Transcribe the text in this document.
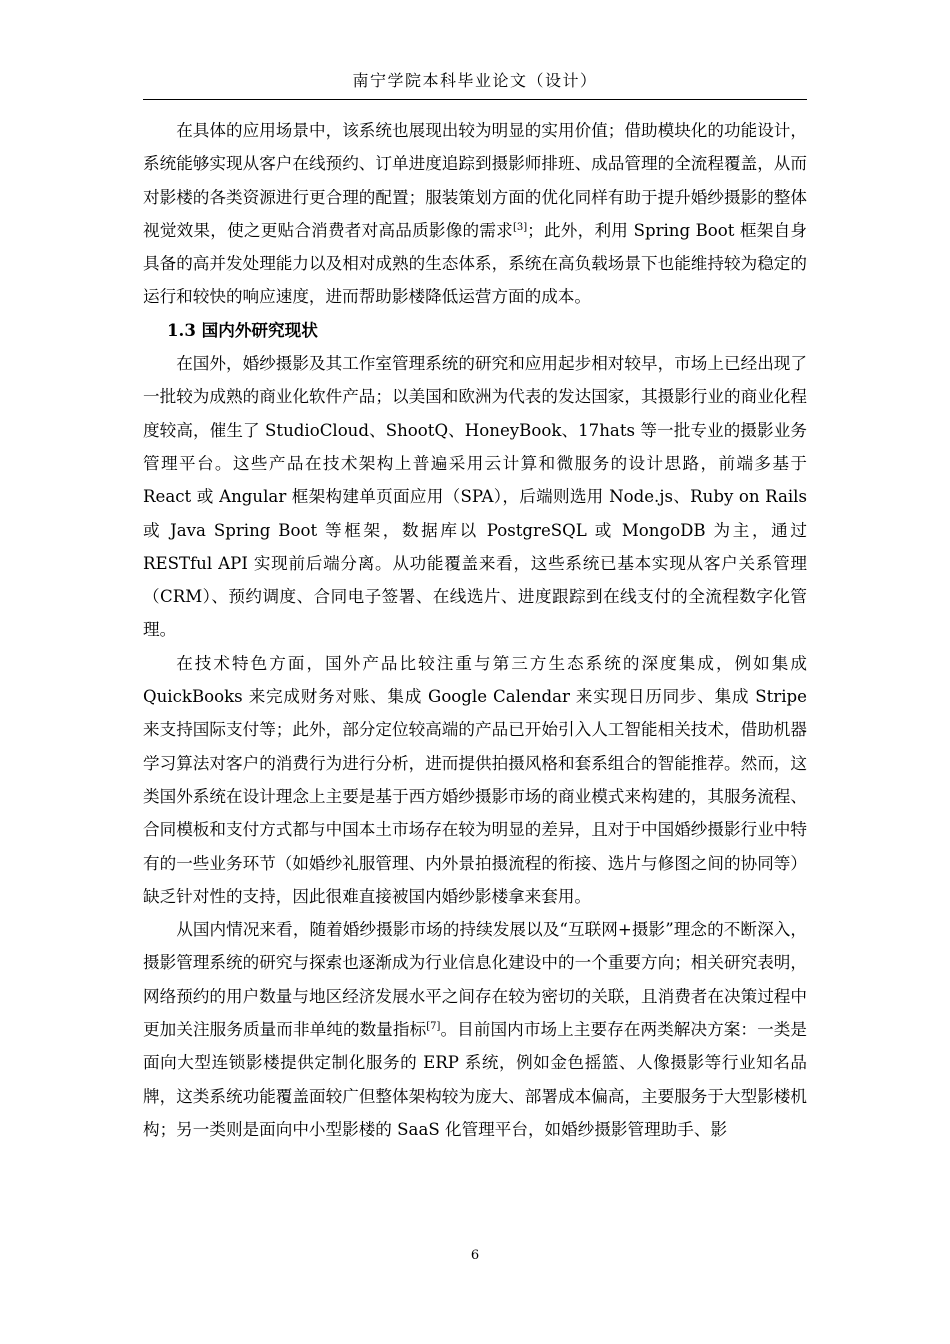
南宁学院本科毕业论文（设计）

在具体的应用场景中，该系统也展现出较为明显的实用价值；借助模块化的功能设计，系统能够实现从客户在线预约、订单进度追踪到摄影师排班、成品管理的全流程覆盖，从而对影楼的各类资源进行更合理的配置；服装策划方面的优化同样有助于提升婚纱摄影的整体视觉效果，使之更贴合消费者对高品质影像的需求[3]；此外，利用 Spring Boot 框架自身具备的高并发处理能力以及相对成熟的生态体系，系统在高负载场景下也能维持较为稳定的运行和较快的响应速度，进而帮助影楼降低运营方面的成本。

1.3 国内外研究现状

在国外，婚纱摄影及其工作室管理系统的研究和应用起步相对较早，市场上已经出现了一批较为成熟的商业化软件产品；以美国和欧洲为代表的发达国家，其摄影行业的商业化程度较高，催生了 StudioCloud、ShootQ、HoneyBook、17hats 等一批专业的摄影业务管理平台。这些产品在技术架构上普遍采用云计算和微服务的设计思路，前端多基于 React 或 Angular 框架构建单页面应用（SPA），后端则选用 Node.js、Ruby on Rails 或 Java Spring Boot 等框架，数据库以 PostgreSQL 或 MongoDB 为主，通过 RESTful API 实现前后端分离。从功能覆盖来看，这些系统已基本实现从客户关系管理（CRM）、预约调度、合同电子签署、在线选片、进度跟踪到在线支付的全流程数字化管理。

在技术特色方面，国外产品比较注重与第三方生态系统的深度集成，例如集成 QuickBooks 来完成财务对账、集成 Google Calendar 来实现日历同步、集成 Stripe 来支持国际支付等；此外，部分定位较高端的产品已开始引入人工智能相关技术，借助机器学习算法对客户的消费行为进行分析，进而提供拍摄风格和套系组合的智能推荐。然而，这类国外系统在设计理念上主要是基于西方婚纱摄影市场的商业模式来构建的，其服务流程、合同模板和支付方式都与中国本土市场存在较为明显的差异，且对于中国婚纱摄影行业中特有的一些业务环节（如婚纱礼服管理、内外景拍摄流程的衔接、选片与修图之间的协同等）缺乏针对性的支持，因此很难直接被国内婚纱影楼拿来套用。

从国内情况来看，随着婚纱摄影市场的持续发展以及“互联网+摄影”理念的不断深入，摄影管理系统的研究与探索也逐渐成为行业信息化建设中的一个重要方向；相关研究表明，网络预约的用户数量与地区经济发展水平之间存在较为密切的关联，且消费者在决策过程中更加关注服务质量而非单纯的数量指标[7]。目前国内市场上主要存在两类解决方案：一类是面向大型连锁影楼提供定制化服务的 ERP 系统，例如金色摇篮、人像摄影等行业知名品牌，这类系统功能覆盖面较广但整体架构较为庞大、部署成本偏高，主要服务于大型影楼机构；另一类则是面向中小型影楼的 SaaS 化管理平台，如婚纱摄影管理助手、影

6
